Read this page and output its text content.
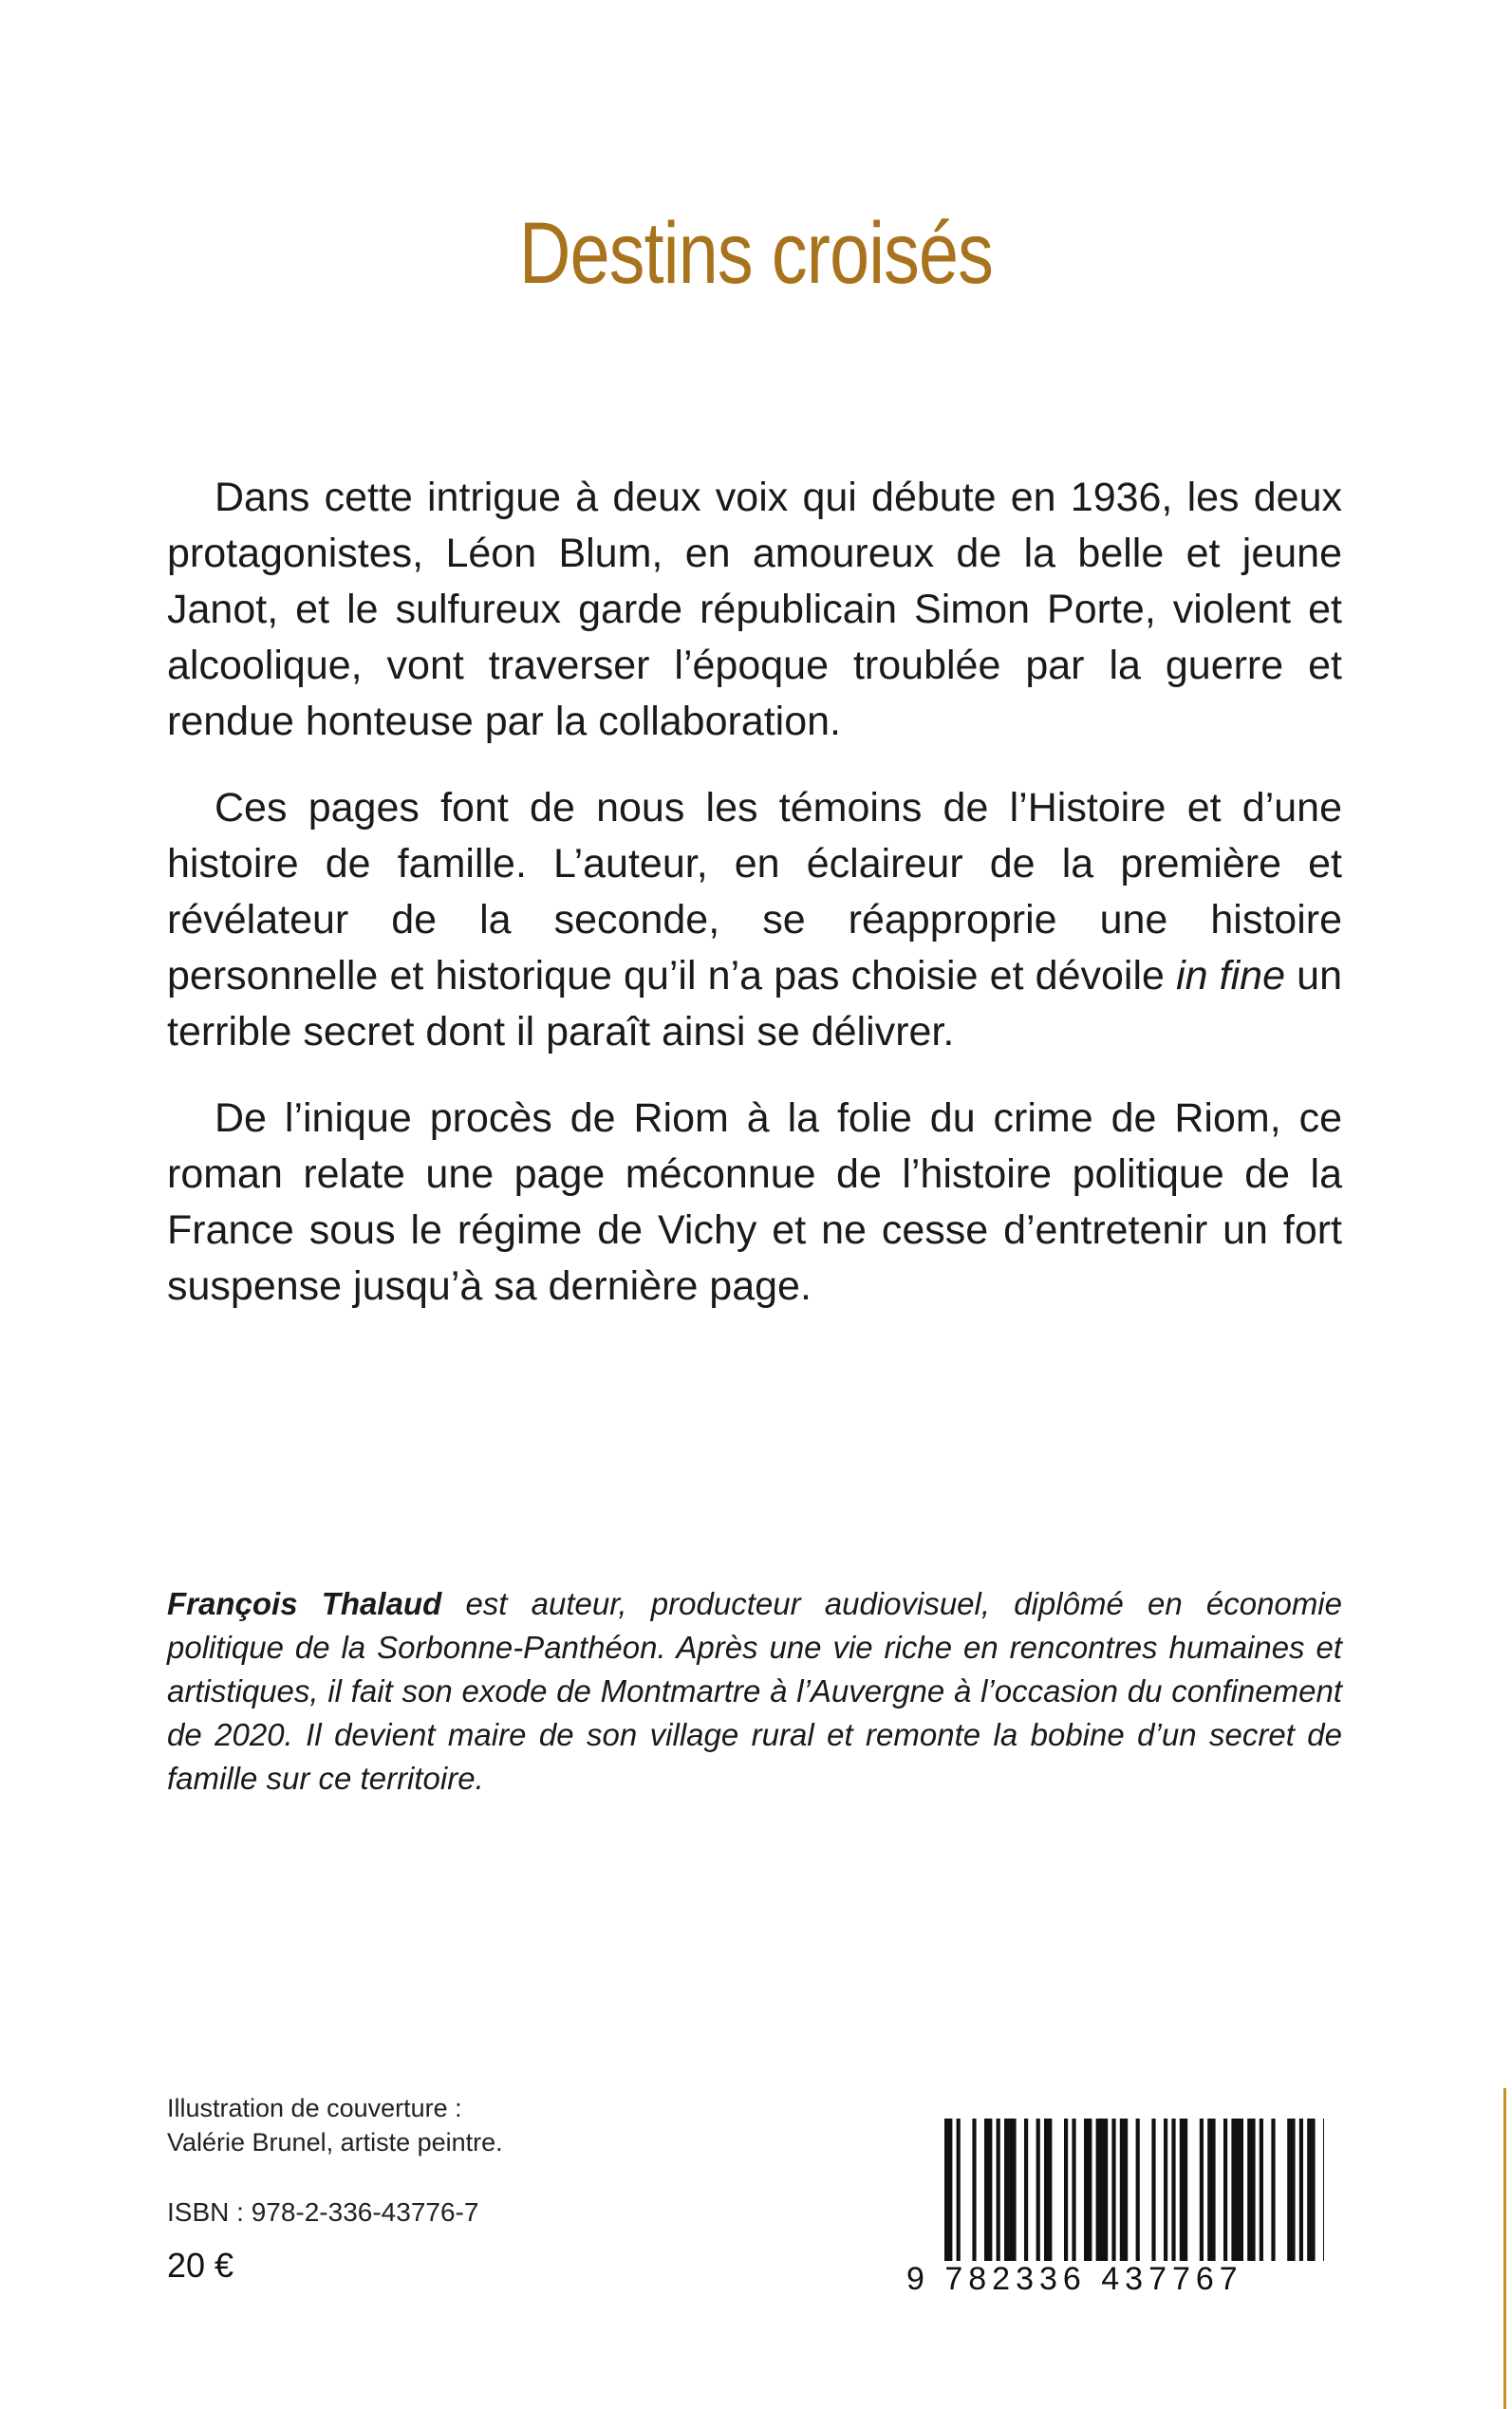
Destins croisés

Dans cette intrigue à deux voix qui débute en 1936, les deux protagonistes, Léon Blum, en amoureux de la belle et jeune Janot, et le sulfureux garde républicain Simon Porte, violent et alcoolique, vont traverser l’époque troublée par la guerre et rendue honteuse par la collaboration.

Ces pages font de nous les témoins de l’Histoire et d’une histoire de famille. L’auteur, en éclaireur de la première et révélateur de la seconde, se réapproprie une histoire personnelle et historique qu’il n’a pas choisie et dévoile in fine un terrible secret dont il paraît ainsi se délivrer.

De l’inique procès de Riom à la folie du crime de Riom, ce roman relate une page méconnue de l’histoire politique de la France sous le régime de Vichy et ne cesse d’entretenir un fort suspense jusqu’à sa dernière page.

François Thalaud est auteur, producteur audiovisuel, diplômé en économie politique de la Sorbonne-Panthéon. Après une vie riche en rencontres humaines et artistiques, il fait son exode de Montmartre à l’Auvergne à l’occasion du confinement de 2020. Il devient maire de son village rural et remonte la bobine d’un secret de famille sur ce territoire.
Illustration de couverture :
Valérie Brunel, artiste peintre.
ISBN : 978-2-336-43776-7
20 €	9 782336 437767
